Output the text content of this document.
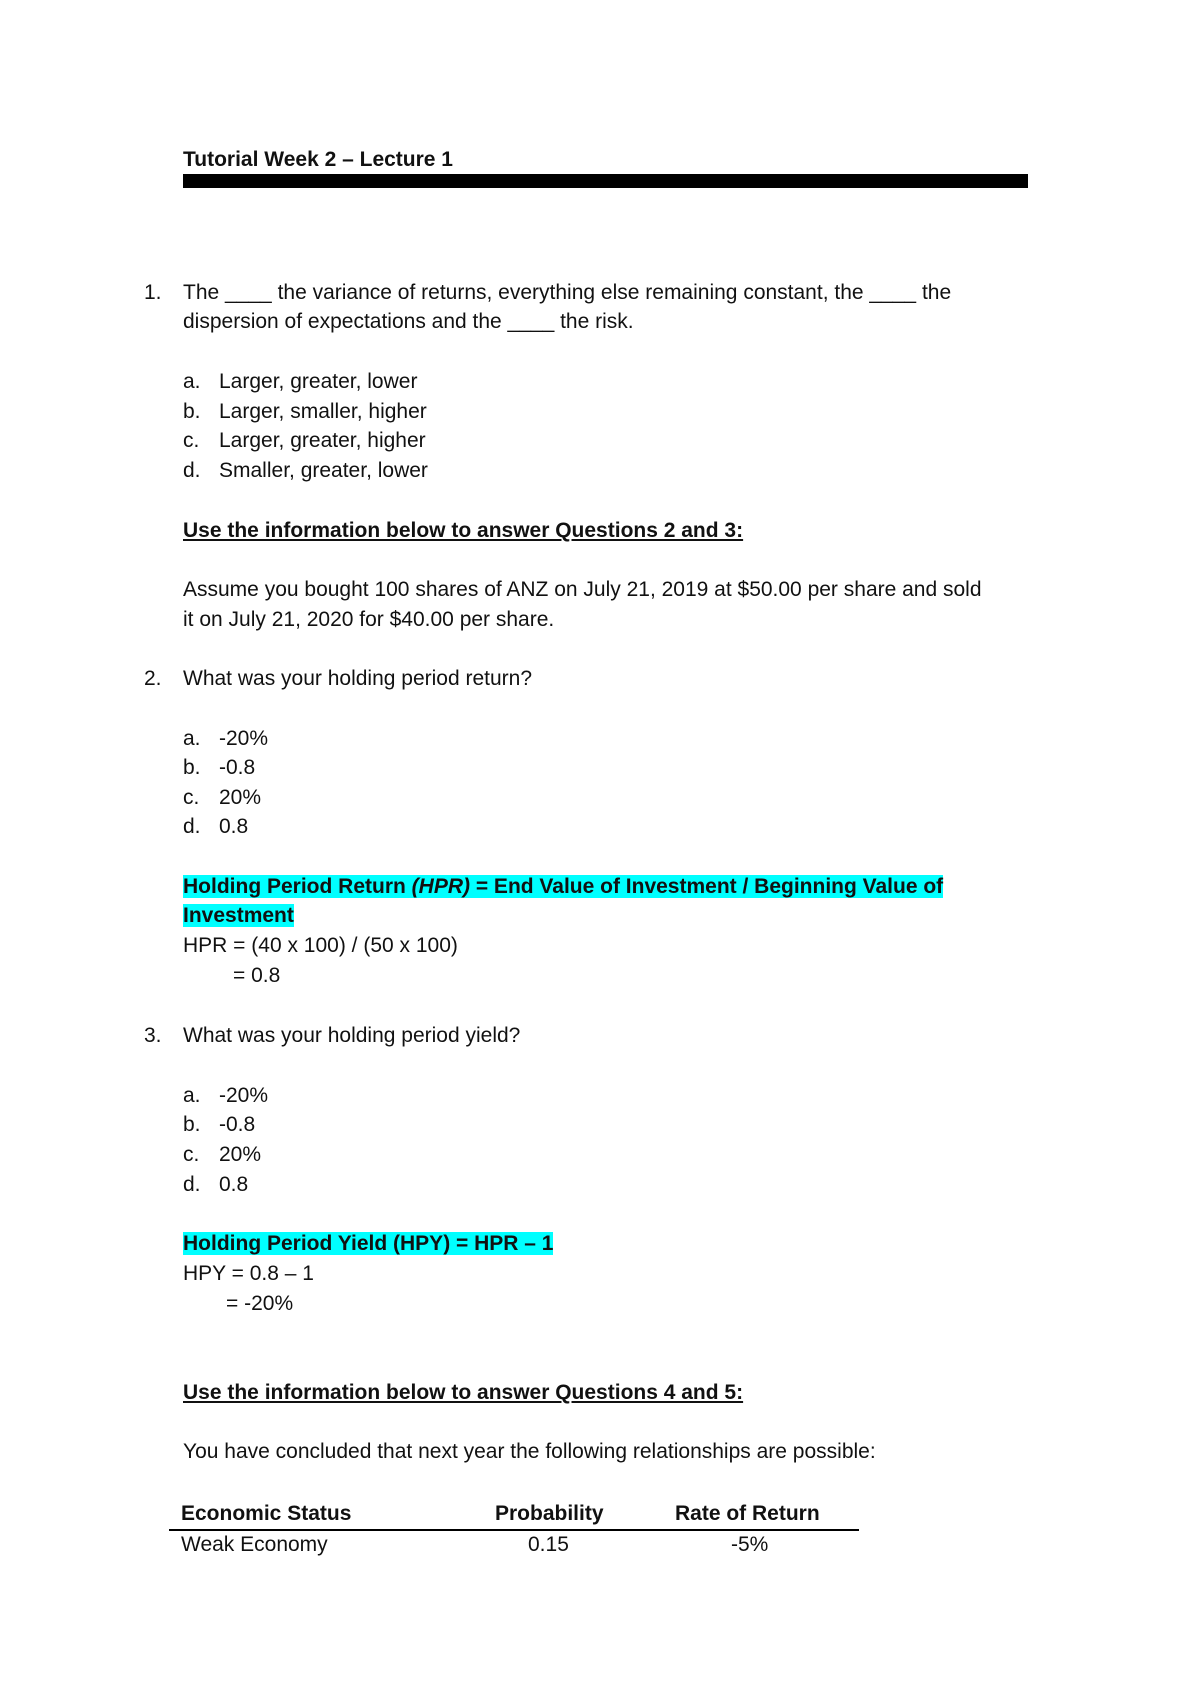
Tutorial Week 2 – Lecture 1
1. The ____ the variance of returns, everything else remaining constant, the ____ the
dispersion of expectations and the ____ the risk.
a. Larger, greater, lower
b. Larger, smaller, higher
c. Larger, greater, higher
d. Smaller, greater, lower
Use the information below to answer Questions 2 and 3:
Assume you bought 100 shares of ANZ on July 21, 2019 at $50.00 per share and sold
it on July 21, 2020 for $40.00 per share.
2. What was your holding period return?
a. -20%
b. -0.8
c. 20%
d. 0.8
Holding Period Return (HPR) = End Value of Investment / Beginning Value of
Investment
HPR = (40 x 100) / (50 x 100)
= 0.8
3. What was your holding period yield?
a. -20%
b. -0.8
c. 20%
d. 0.8
Holding Period Yield (HPY) = HPR – 1
HPY = 0.8 – 1
= -20%
Use the information below to answer Questions 4 and 5:
You have concluded that next year the following relationships are possible:
Economic Status	Probability	Rate of Return
Weak Economy	0.15	-5%
